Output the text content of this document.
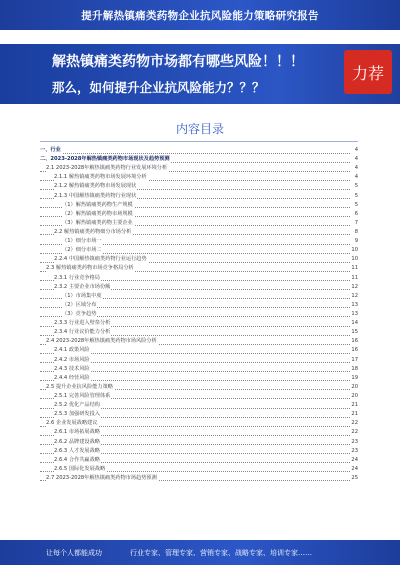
提升解热镇痛类药物企业抗风险能力策略研究报告
解热镇痛类药物市场都有哪些风险！！！
那么，如何提升企业抗风险能力？？？
力荐
内容目录
一、行业	4
二、2023-2028年解热镇痛类药物市场现状及趋势预测	4
2.1 2023-2028年解热镇痛类药物行业发展环境分析	4
2.1.1 解热镇痛类药物市场发展环境分析	4
2.1.2 解热镇痛类药物市场发展现状	5
2.1.3 中国解热镇痛类药物行业现状	5
（1）解热镇痛类药物生产规模	5
（2）解热镇痛类药物市场规模	6
（3）解热镇痛类药物主要企业	7
2.2 解热镇痛类药物细分市场分析	8
（1）细分市场一	9
（2）细分市场二	10
2.2.4 中国解热镇痛类药物行业运行趋势	10
2.3 解热镇痛类药物市场竞争格局分析	11
2.3.1 行业竞争格局	11
2.3.2 主要企业市场份额	12
（1）市场集中度	12
（2）区域分布	13
（3）竞争趋势	13
2.3.3 行业进入壁垒分析	14
2.3.4 行业议价能力分析	15
2.4 2023-2028年解热镇痛类药物市场风险分析	16
2.4.1 政策风险	16
2.4.2 市场风险	17
2.4.3 技术风险	18
2.4.4 经营风险	19
2.5 提升企业抗风险能力策略	20
2.5.1 完善风险管理体系	20
2.5.2 优化产品结构	21
2.5.3 加强研发投入	21
2.6 企业发展战略建议	22
2.6.1 市场拓展战略	22
2.6.2 品牌建设战略	23
2.6.3 人才发展战略	23
2.6.4 合作共赢战略	24
2.6.5 国际化发展战略	24
2.7 2023-2028年解热镇痛类药物市场趋势预测	25
让每个人都能成功	行业专家、管理专家、营销专家、战略专家、培训专家……
